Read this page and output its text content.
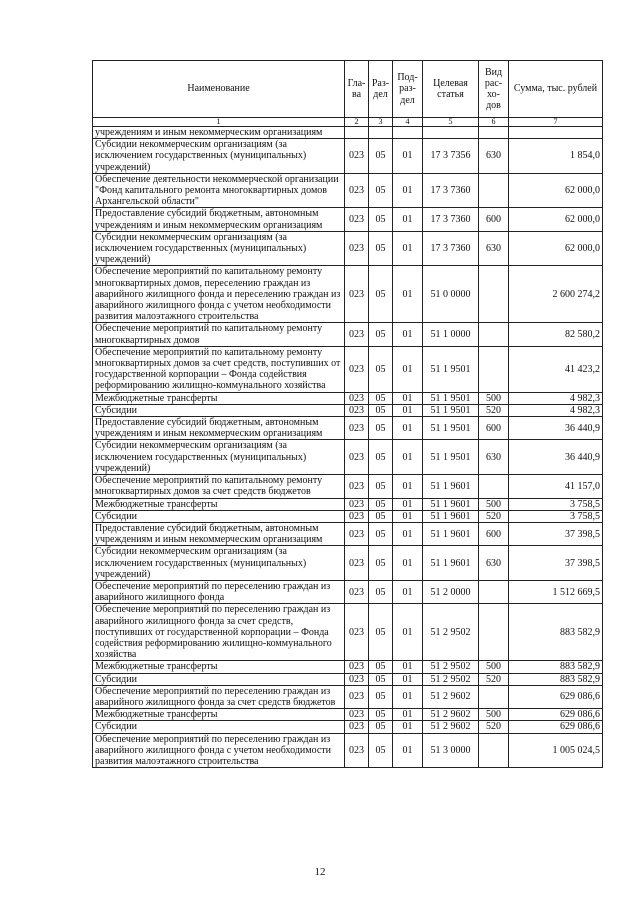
Наименование	Гла-ва	Раз-дел	Под-раз-дел	Целевая статья	Вид рас-хо-дов	Сумма, тыс. рублей
1	2	3	4	5	6	7
учреждениям и иным некоммерческим организациям						
Субсидии некоммерческим организациям (за исключением государственных (муниципальных) учреждений)	023	05	01	17 3 7356	630	1 854,0
Обеспечение деятельности некоммерческой организации "Фонд капитального ремонта многоквартирных домов Архангельской области"	023	05	01	17 3 7360		62 000,0
Предоставление субсидий бюджетным, автономным учреждениям и иным некоммерческим организациям	023	05	01	17 3 7360	600	62 000,0
Субсидии некоммерческим организациям (за исключением государственных (муниципальных) учреждений)	023	05	01	17 3 7360	630	62 000,0
Обеспечение мероприятий по капитальному ремонту многоквартирных домов, переселению граждан из аварийного жилищного фонда и переселению граждан из аварийного жилищного фонда с учетом необходимости развития малоэтажного строительства	023	05	01	51 0 0000		2 600 274,2
Обеспечение мероприятий по капитальному ремонту многоквартирных домов	023	05	01	51 1 0000		82 580,2
Обеспечение мероприятий по капитальному ремонту многоквартирных домов за счет средств, поступивших от государственной корпорации – Фонда содействия реформированию жилищно-коммунального хозяйства	023	05	01	51 1 9501		41 423,2
Межбюджетные трансферты	023	05	01	51 1 9501	500	4 982,3
Субсидии	023	05	01	51 1 9501	520	4 982,3
Предоставление субсидий бюджетным, автономным учреждениям и иным некоммерческим организациям	023	05	01	51 1 9501	600	36 440,9
Субсидии некоммерческим организациям (за исключением государственных (муниципальных) учреждений)	023	05	01	51 1 9501	630	36 440,9
Обеспечение мероприятий по капитальному ремонту многоквартирных домов за счет средств бюджетов	023	05	01	51 1 9601		41 157,0
Межбюджетные трансферты	023	05	01	51 1 9601	500	3 758,5
Субсидии	023	05	01	51 1 9601	520	3 758,5
Предоставление субсидий бюджетным, автономным учреждениям и иным некоммерческим организациям	023	05	01	51 1 9601	600	37 398,5
Субсидии некоммерческим организациям (за исключением государственных (муниципальных) учреждений)	023	05	01	51 1 9601	630	37 398,5
Обеспечение мероприятий по переселению граждан из аварийного жилищного фонда	023	05	01	51 2 0000		1 512 669,5
Обеспечение мероприятий по переселению граждан из аварийного жилищного фонда за счет средств, поступивших от государственной корпорации – Фонда содействия реформированию жилищно-коммунального хозяйства	023	05	01	51 2 9502		883 582,9
Межбюджетные трансферты	023	05	01	51 2 9502	500	883 582,9
Субсидии	023	05	01	51 2 9502	520	883 582,9
Обеспечение мероприятий по переселению граждан из аварийного жилищного фонда за счет средств бюджетов	023	05	01	51 2 9602		629 086,6
Межбюджетные трансферты	023	05	01	51 2 9602	500	629 086,6
Субсидии	023	05	01	51 2 9602	520	629 086,6
Обеспечение мероприятий по переселению граждан из аварийного жилищного фонда с учетом необходимости развития малоэтажного строительства	023	05	01	51 3 0000		1 005 024,5
12
